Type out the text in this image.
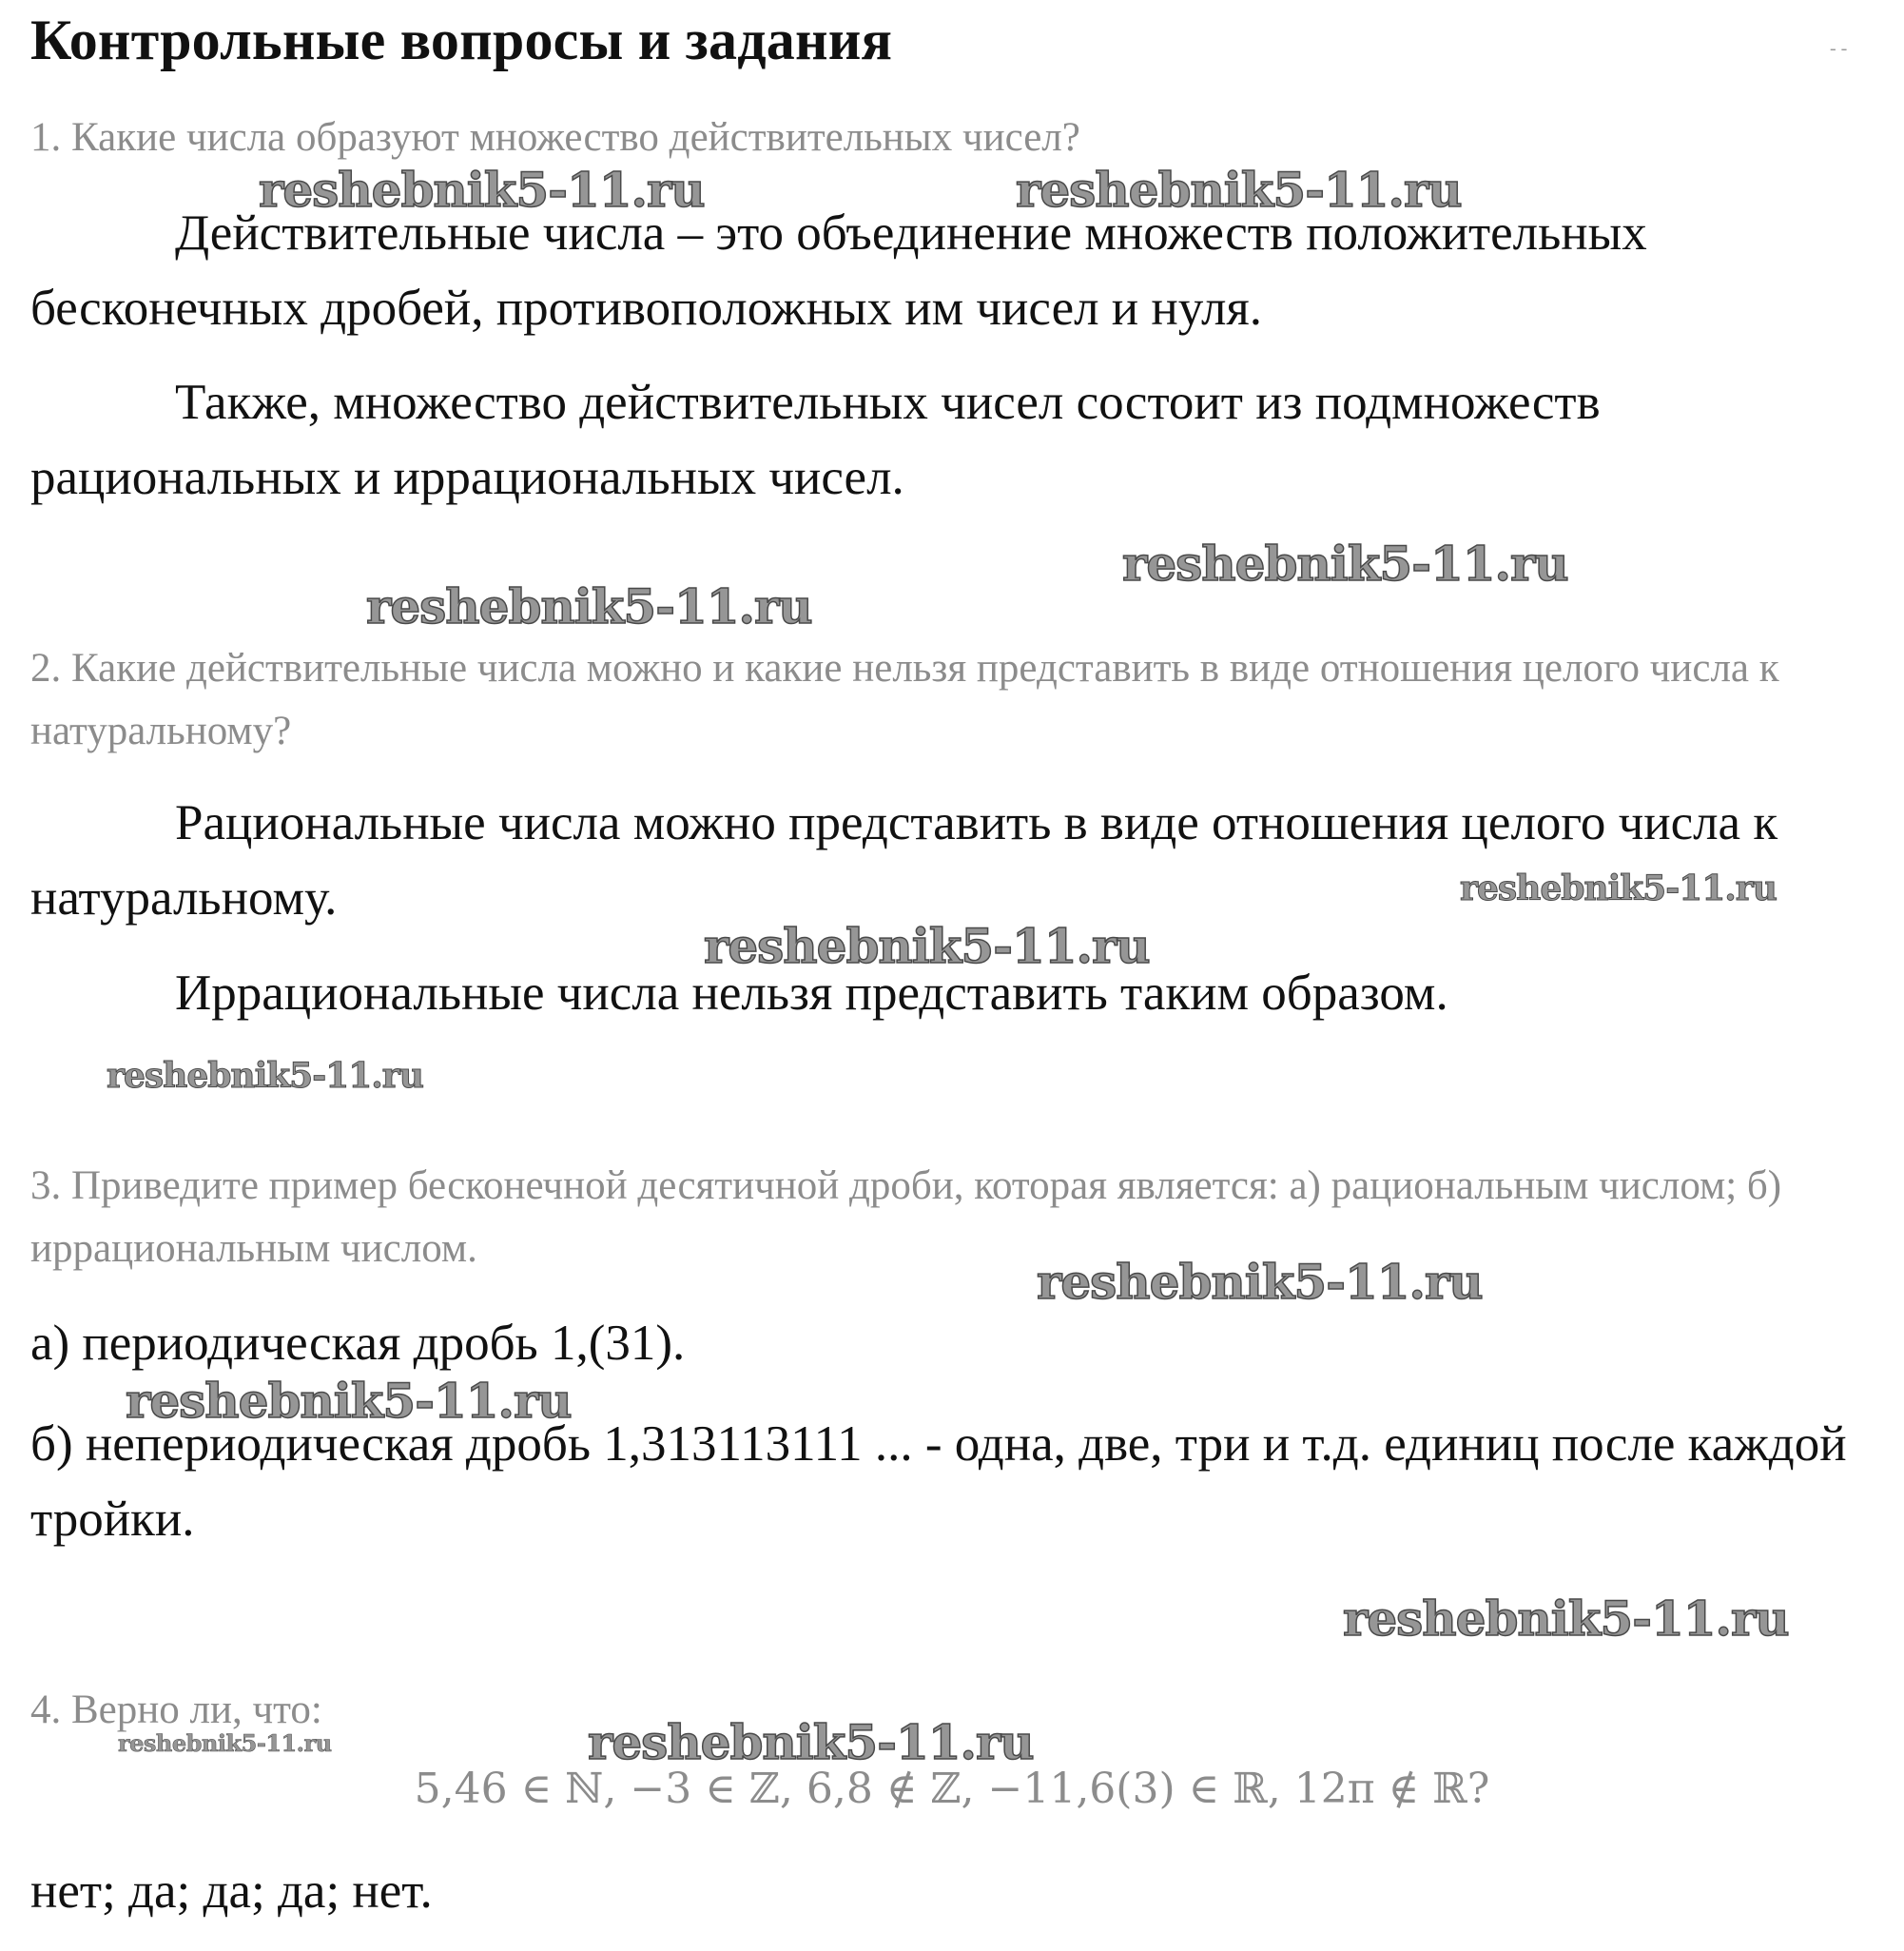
Контрольные вопросы и задания	- -
1. Какие числа образуют множество действительных чисел?
Действительные числа – это объединение множеств положительных бесконечных дробей, противоположных им чисел и нуля.
Также, множество действительных чисел состоит из подмножеств рациональных и иррациональных чисел.
2. Какие действительные числа можно и какие нельзя представить в виде отношения целого числа к натуральному?
Рациональные числа можно представить в виде отношения целого числа к натуральному.
Иррациональные числа нельзя представить таким образом.
3. Приведите пример бесконечной десятичной дроби, которая является: а) рациональным числом; б) иррациональным числом.
а) периодическая дробь 1,(31).
б) непериодическая дробь 1,313113111 ... - одна, две, три и т.д. единиц после каждой тройки.
4. Верно ли, что:
5,46 ∈ ℕ, −3 ∈ ℤ, 6,8 ∉ ℤ, −11,6(3) ∈ ℝ, 12π ∉ ℝ?
нет; да; да; да; нет.
reshebnik5-11.ru	reshebnik5-11.ru
reshebnik5-11.ru
reshebnik5-11.ru
reshebnik5-11.ru
reshebnik5-11.ru
reshebnik5-11.ru
reshebnik5-11.ru
reshebnik5-11.ru
reshebnik5-11.ru
reshebnik5-11.ru	reshebnik5-11.ru
